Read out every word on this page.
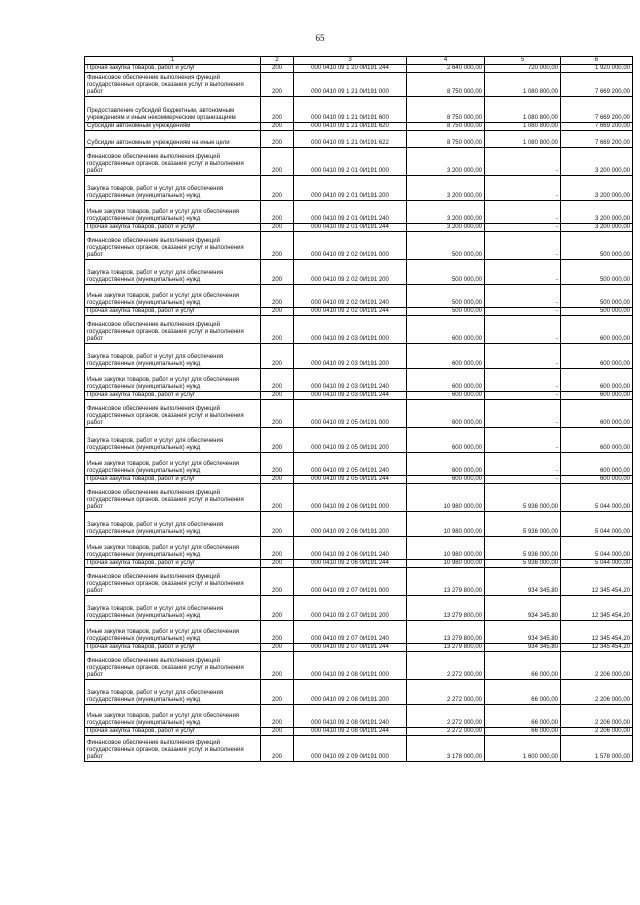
65
1	2	3	4	5	6
Прочая закупка товаров, работ и услуг	200	000 0410 09 1 20 0И191 244	2 640 000,00	720 000,00	1 920 000,00
Финансовое обеспечение выполнения функций государственных органов, оказания услуг и выполнения работ	200	000 0410 09 1 21 0И191 000	8 750 000,00	1 080 800,00	7 669 200,00
Предоставление субсидий бюджетным, автономным учреждениям и иным некоммерческим организациям	200	000 0410 09 1 21 0И191 600	8 750 000,00	1 080 800,00	7 669 200,00
Субсидии автономным учреждениям	200	000 0410 09 1 21 0И191 620	8 750 000,00	1 080 800,00	7 669 200,00
Субсидии автономным учреждениям на иные цели	200	000 0410 09 1 21 0И191 622	8 750 000,00	1 080 800,00	7 669 200,00
Финансовое обеспечение выполнения функций государственных органов, оказания услуг и выполнения работ	200	000 0410 09 2 01 0И191 000	3 200 000,00	-	3 200 000,00
Закупка товаров, работ и услуг для обеспечения государственных (муниципальных) нужд	200	000 0410 09 2 01 0И191 200	3 200 000,00	-	3 200 000,00
Иные закупки товаров, работ и услуг для обеспечения государственных (муниципальных) нужд	200	000 0410 09 2 01 0И191 240	3 200 000,00	-	3 200 000,00
Прочая закупка товаров, работ и услуг	200	000 0410 09 2 01 0И191 244	3 200 000,00	-	3 200 000,00
Финансовое обеспечение выполнения функций государственных органов, оказания услуг и выполнения работ	200	000 0410 09 2 02 0И191 000	500 000,00	-	500 000,00
Закупка товаров, работ и услуг для обеспечения государственных (муниципальных) нужд	200	000 0410 09 2 02 0И191 200	500 000,00	-	500 000,00
Иные закупки товаров, работ и услуг для обеспечения государственных (муниципальных) нужд	200	000 0410 09 2 02 0И191 240	500 000,00	-	500 000,00
Прочая закупка товаров, работ и услуг	200	000 0410 09 2 02 0И191 244	500 000,00	-	500 000,00
Финансовое обеспечение выполнения функций государственных органов, оказания услуг и выполнения работ	200	000 0410 09 2 03 0И191 000	600 000,00	-	600 000,00
Закупка товаров, работ и услуг для обеспечения государственных (муниципальных) нужд	200	000 0410 09 2 03 0И191 200	600 000,00	-	600 000,00
Иные закупки товаров, работ и услуг для обеспечения государственных (муниципальных) нужд	200	000 0410 09 2 03 0И191 240	600 000,00	-	600 000,00
Прочая закупка товаров, работ и услуг	200	000 0410 09 2 03 0И191 244	600 000,00	-	600 000,00
Финансовое обеспечение выполнения функций государственных органов, оказания услуг и выполнения работ	200	000 0410 09 2 05 0И191 000	600 000,00	-	600 000,00
Закупка товаров, работ и услуг для обеспечения государственных (муниципальных) нужд	200	000 0410 09 2 05 0И191 200	600 000,00	-	600 000,00
Иные закупки товаров, работ и услуг для обеспечения государственных (муниципальных) нужд	200	000 0410 09 2 05 0И191 240	600 000,00	-	600 000,00
Прочая закупка товаров, работ и услуг	200	000 0410 09 2 05 0И191 244	600 000,00	-	600 000,00
Финансовое обеспечение выполнения функций государственных органов, оказания услуг и выполнения работ	200	000 0410 09 2 06 0И191 000	10 980 000,00	5 936 000,00	5 044 000,00
Закупка товаров, работ и услуг для обеспечения государственных (муниципальных) нужд	200	000 0410 09 2 06 0И191 200	10 980 000,00	5 936 000,00	5 044 000,00
Иные закупки товаров, работ и услуг для обеспечения государственных (муниципальных) нужд	200	000 0410 09 2 06 0И191 240	10 980 000,00	5 936 000,00	5 044 000,00
Прочая закупка товаров, работ и услуг	200	000 0410 09 2 06 0И191 244	10 980 000,00	5 936 000,00	5 044 000,00
Финансовое обеспечение выполнения функций государственных органов, оказания услуг и выполнения работ	200	000 0410 09 2 07 0И191 000	13 279 800,00	934 345,80	12 345 454,20
Закупка товаров, работ и услуг для обеспечения государственных (муниципальных) нужд	200	000 0410 09 2 07 0И191 200	13 279 800,00	934 345,80	12 345 454,20
Иные закупки товаров, работ и услуг для обеспечения государственных (муниципальных) нужд	200	000 0410 09 2 07 0И191 240	13 279 800,00	934 345,80	12 345 454,20
Прочая закупка товаров, работ и услуг	200	000 0410 09 2 07 0И191 244	13 279 800,00	934 345,80	12 345 454,20
Финансовое обеспечение выполнения функций государственных органов, оказания услуг и выполнения работ	200	000 0410 09 2 08 0И191 000	2 272 000,00	66 000,00	2 206 000,00
Закупка товаров, работ и услуг для обеспечения государственных (муниципальных) нужд	200	000 0410 09 2 08 0И191 200	2 272 000,00	66 000,00	2 206 000,00
Иные закупки товаров, работ и услуг для обеспечения государственных (муниципальных) нужд	200	000 0410 09 2 08 0И191 240	2 272 000,00	66 000,00	2 206 000,00
Прочая закупка товаров, работ и услуг	200	000 0410 09 2 08 0И191 244	2 272 000,00	66 000,00	2 206 000,00
Финансовое обеспечение выполнения функций государственных органов, оказания услуг и выполнения работ	200	000 0410 09 2 09 0И191 000	3 178 000,00	1 600 000,00	1 578 000,00
